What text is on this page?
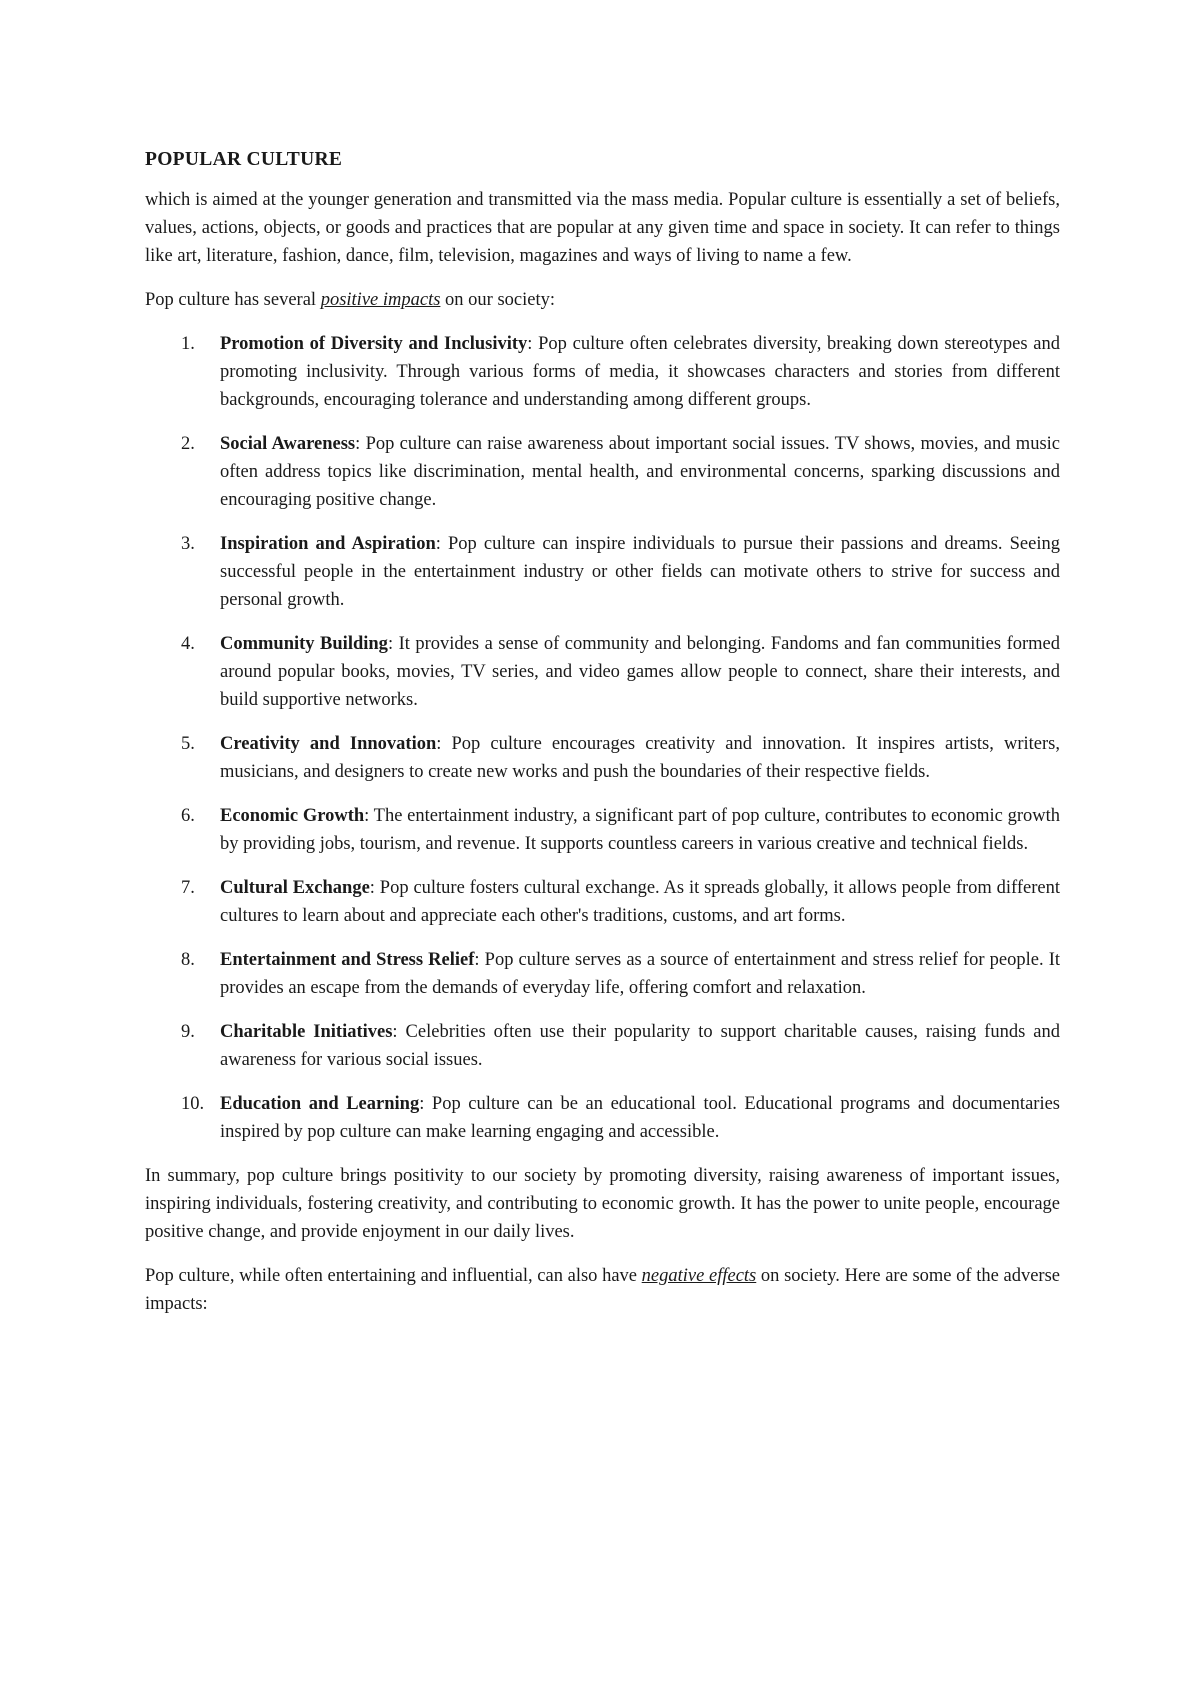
POPULAR CULTURE

which is aimed at the younger generation and transmitted via the mass media. Popular culture is essentially a set of beliefs, values, actions, objects, or goods and practices that are popular at any given time and space in society. It can refer to things like art, literature, fashion, dance, film, television, magazines and ways of living to name a few.

Pop culture has several positive impacts on our society:

1.	Promotion of Diversity and Inclusivity: Pop culture often celebrates diversity, breaking down stereotypes and promoting inclusivity. Through various forms of media, it showcases characters and stories from different backgrounds, encouraging tolerance and understanding among different groups.
2.	Social Awareness: Pop culture can raise awareness about important social issues. TV shows, movies, and music often address topics like discrimination, mental health, and environmental concerns, sparking discussions and encouraging positive change.
3.	Inspiration and Aspiration: Pop culture can inspire individuals to pursue their passions and dreams. Seeing successful people in the entertainment industry or other fields can motivate others to strive for success and personal growth.
4.	Community Building: It provides a sense of community and belonging. Fandoms and fan communities formed around popular books, movies, TV series, and video games allow people to connect, share their interests, and build supportive networks.
5.	Creativity and Innovation: Pop culture encourages creativity and innovation. It inspires artists, writers, musicians, and designers to create new works and push the boundaries of their respective fields.
6.	Economic Growth: The entertainment industry, a significant part of pop culture, contributes to economic growth by providing jobs, tourism, and revenue. It supports countless careers in various creative and technical fields.
7.	Cultural Exchange: Pop culture fosters cultural exchange. As it spreads globally, it allows people from different cultures to learn about and appreciate each other's traditions, customs, and art forms.
8.	Entertainment and Stress Relief: Pop culture serves as a source of entertainment and stress relief for people. It provides an escape from the demands of everyday life, offering comfort and relaxation.
9.	Charitable Initiatives: Celebrities often use their popularity to support charitable causes, raising funds and awareness for various social issues.
10. Education and Learning: Pop culture can be an educational tool. Educational programs and documentaries inspired by pop culture can make learning engaging and accessible.

In summary, pop culture brings positivity to our society by promoting diversity, raising awareness of important issues, inspiring individuals, fostering creativity, and contributing to economic growth. It has the power to unite people, encourage positive change, and provide enjoyment in our daily lives.

Pop culture, while often entertaining and influential, can also have negative effects on society. Here are some of the adverse impacts:
